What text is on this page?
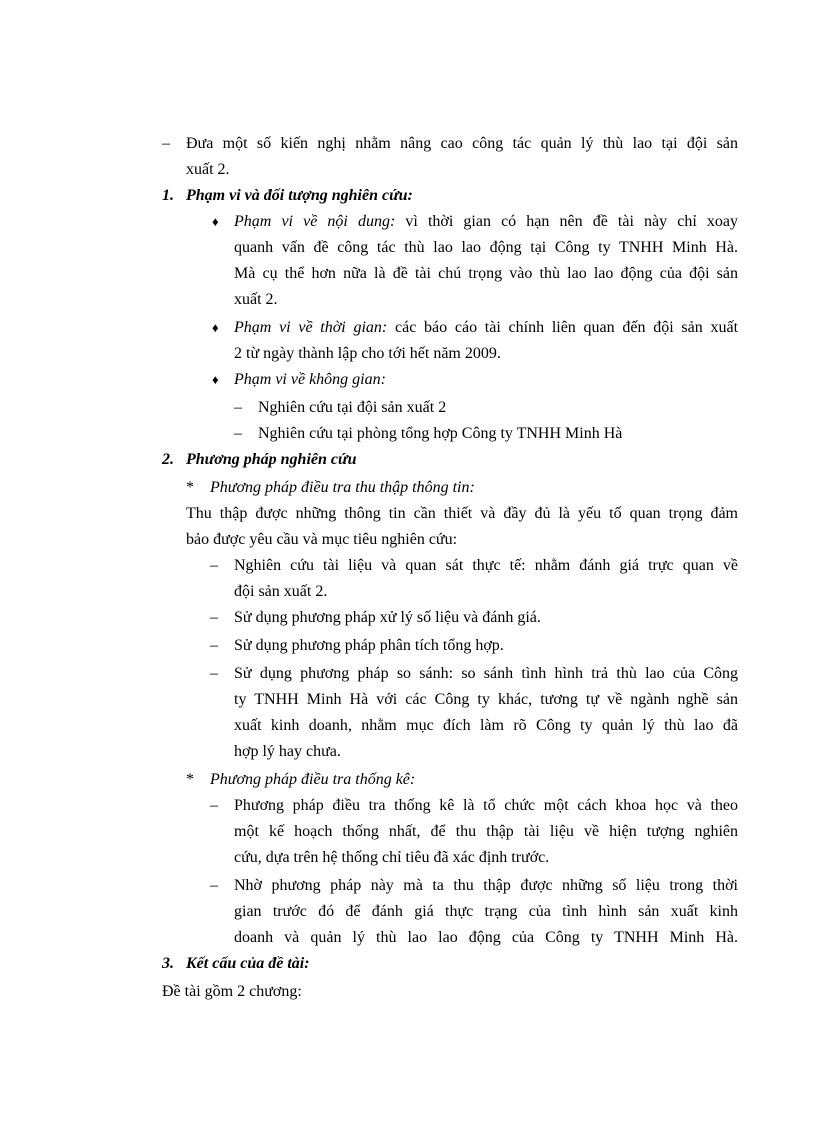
– Đưa một số kiến nghị nhằm nâng cao công tác quản lý thù lao tại đội sản
xuất 2.
1. Phạm vi và đối tượng nghiên cứu:
♦ Phạm vi về nội dung: vì thời gian có hạn nên đề tài này chỉ xoay
quanh vấn đề công tác thù lao lao động tại Công ty TNHH Minh Hà.
Mà cụ thể hơn nữa là đề tài chú trọng vào thù lao lao động của đội sản
xuất 2.
♦ Phạm vi về thời gian: các báo cáo tài chính liên quan đến đội sản xuất
2 từ ngày thành lập cho tới hết năm 2009.
♦ Phạm vi về không gian:
– Nghiên cứu tại đội sản xuất 2
– Nghiên cứu tại phòng tổng hợp Công ty TNHH Minh Hà
2. Phương pháp nghiên cứu
* Phương pháp điều tra thu thập thông tin:
Thu thập được những thông tin cần thiết và đầy đủ là yếu tố quan trọng đảm
bảo được yêu cầu và mục tiêu nghiên cứu:
– Nghiên cứu tài liệu và quan sát thực tế: nhằm đánh giá trực quan về
đội sản xuất 2.
– Sử dụng phương pháp xử lý số liệu và đánh giá.
– Sử dụng phương pháp phân tích tổng hợp.
– Sử dụng phương pháp so sánh: so sánh tình hình trả thù lao của Công
ty TNHH Minh Hà với các Công ty khác, tương tự về ngành nghề sản
xuất kinh doanh, nhằm mục đích làm rõ Công ty quản lý thù lao đã
hợp lý hay chưa.
* Phương pháp điều tra thống kê:
– Phương pháp điều tra thống kê là tổ chức một cách khoa học và theo
một kế hoạch thống nhất, để thu thập tài liệu về hiện tượng nghiên
cứu, dựa trên hệ thống chỉ tiêu đã xác định trước.
– Nhờ phương pháp này mà ta thu thập được những số liệu trong thời
gian trước đó để đánh giá thực trạng của tình hình sản xuất kinh
doanh và quản lý thù lao lao động của Công ty TNHH Minh Hà.
3. Kết cấu của đề tài:
Đề tài gồm 2 chương:
